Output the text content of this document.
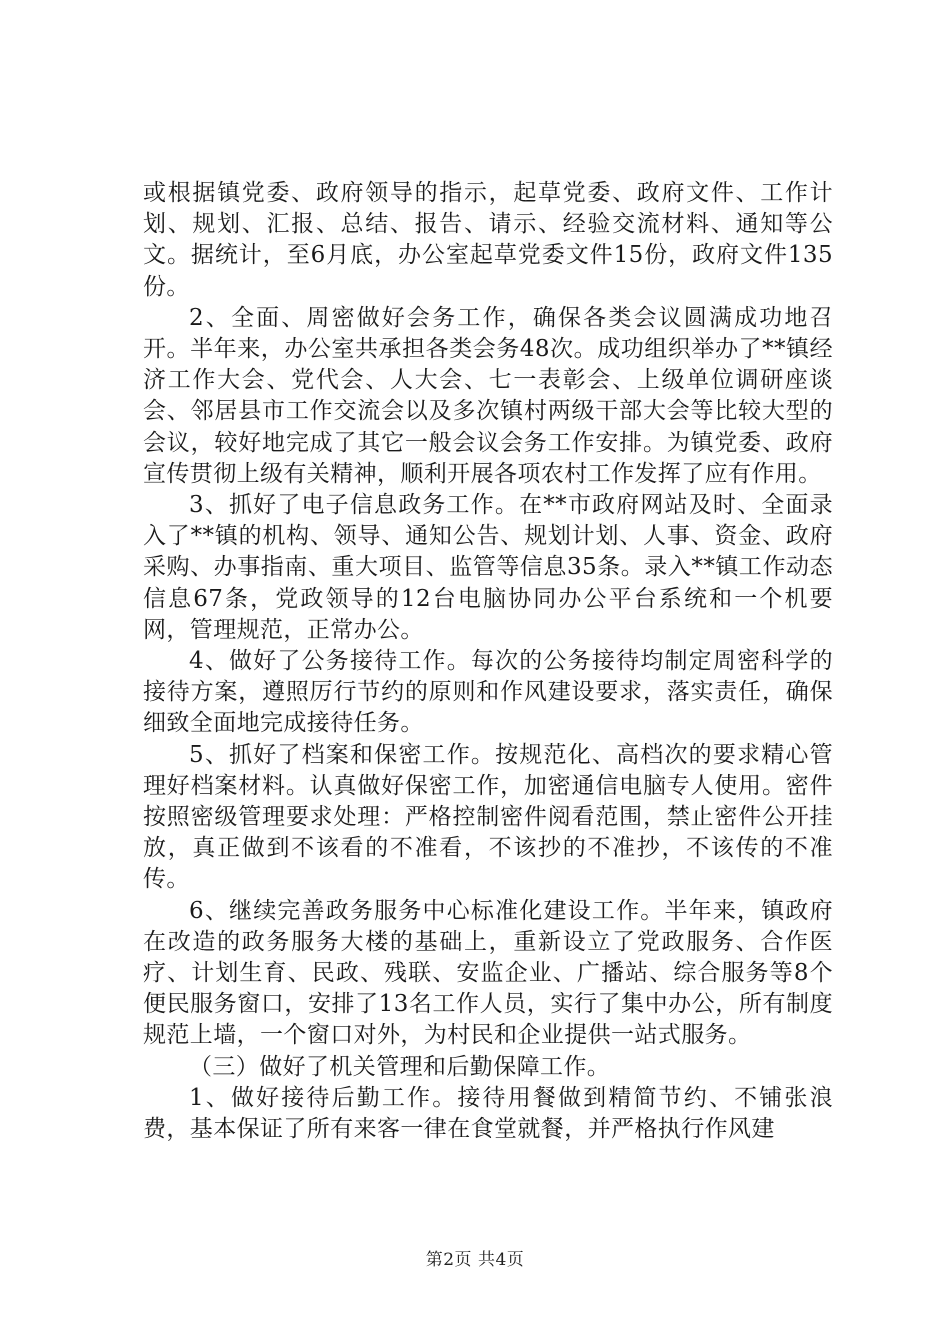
或根据镇党委、政府领导的指示，起草党委、政府文件、工作计划、规划、汇报、总结、报告、请示、经验交流材料、通知等公文。据统计，至6月底，办公室起草党委文件15份，政府文件135份。

2、全面、周密做好会务工作，确保各类会议圆满成功地召开。半年来，办公室共承担各类会务48次。成功组织举办了**镇经济工作大会、党代会、人大会、七一表彰会、上级单位调研座谈会、邻居县市工作交流会以及多次镇村两级干部大会等比较大型的会议，较好地完成了其它一般会议会务工作安排。为镇党委、政府宣传贯彻上级有关精神，顺利开展各项农村工作发挥了应有作用。

3、抓好了电子信息政务工作。在**市政府网站及时、全面录入了**镇的机构、领导、通知公告、规划计划、人事、资金、政府采购、办事指南、重大项目、监管等信息35条。录入**镇工作动态信息67条，党政领导的12台电脑协同办公平台系统和一个机要网，管理规范，正常办公。

4、做好了公务接待工作。每次的公务接待均制定周密科学的接待方案，遵照厉行节约的原则和作风建设要求，落实责任，确保细致全面地完成接待任务。

5、抓好了档案和保密工作。按规范化、高档次的要求精心管理好档案材料。认真做好保密工作，加密通信电脑专人使用。密件按照密级管理要求处理：严格控制密件阅看范围，禁止密件公开挂放，真正做到不该看的不准看，不该抄的不准抄，不该传的不准传。

6、继续完善政务服务中心标准化建设工作。半年来，镇政府在改造的政务服务大楼的基础上，重新设立了党政服务、合作医疗、计划生育、民政、残联、安监企业、广播站、综合服务等8个便民服务窗口，安排了13名工作人员，实行了集中办公，所有制度规范上墙，一个窗口对外，为村民和企业提供一站式服务。

（三）做好了机关管理和后勤保障工作。

1、做好接待后勤工作。接待用餐做到精简节约、不铺张浪费，基本保证了所有来客一律在食堂就餐，并严格执行作风建

第2页 共4页
